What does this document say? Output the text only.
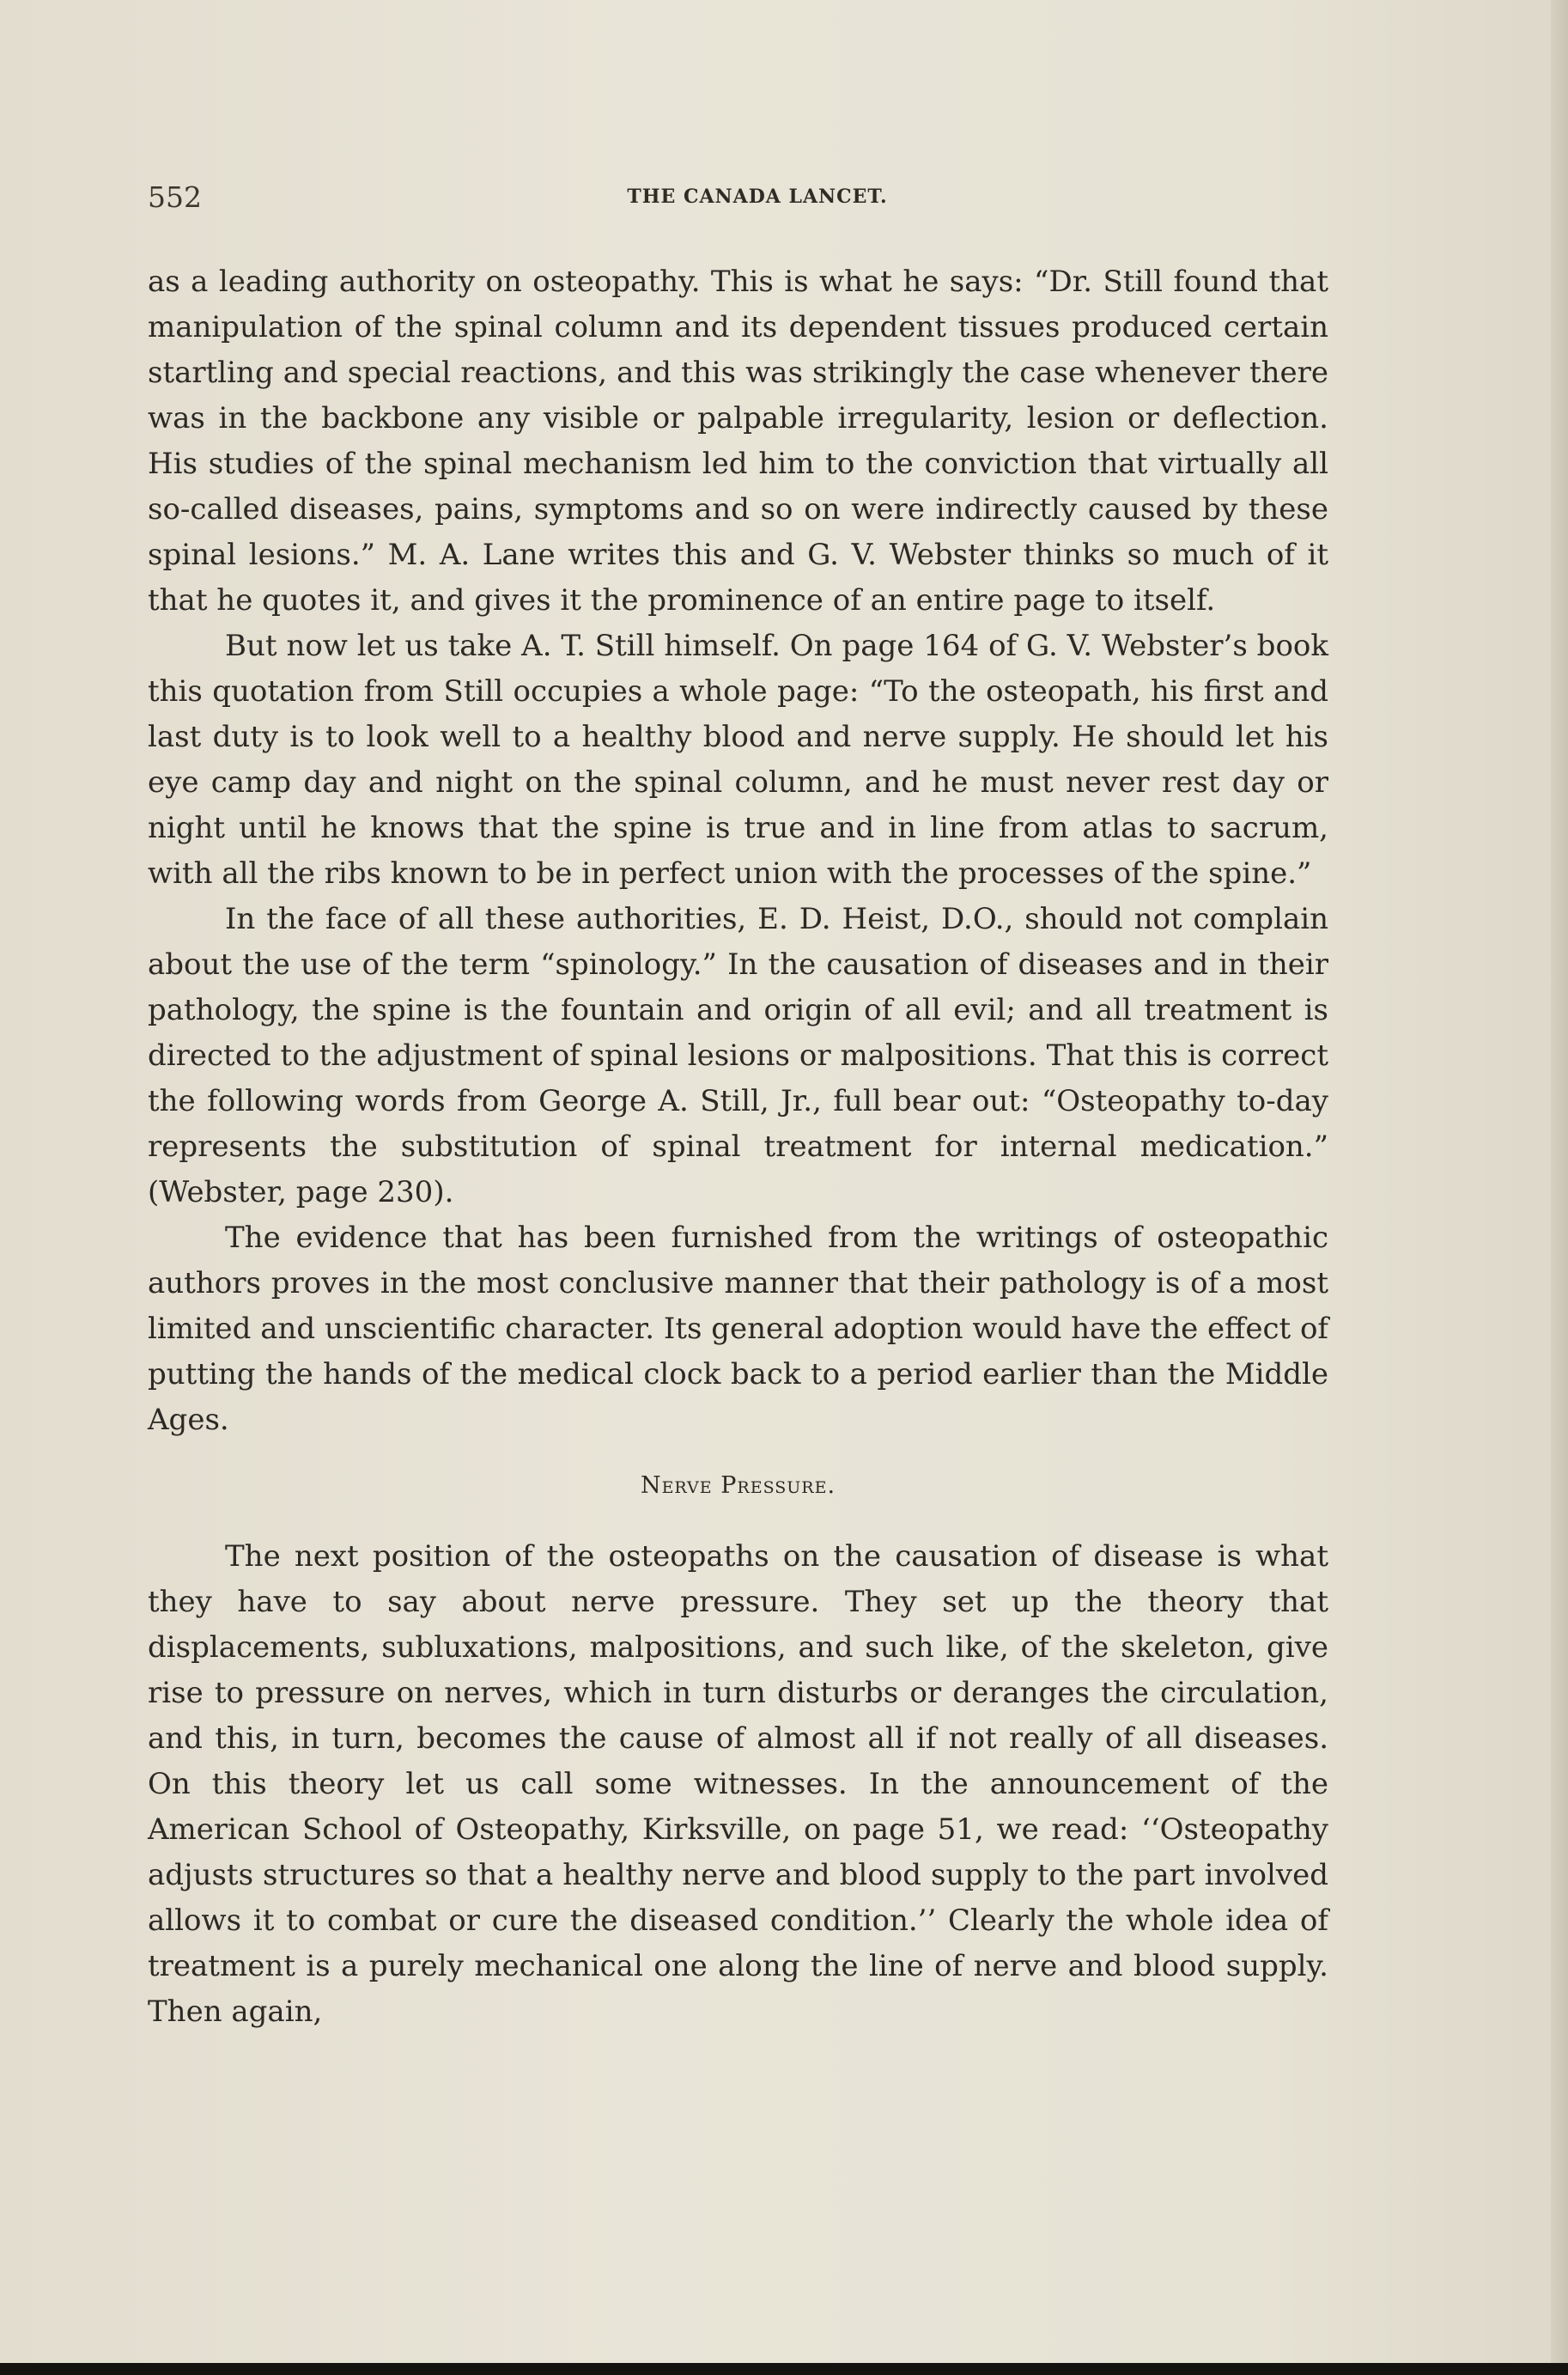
552	THE CANADA LANCET.

as a leading authority on osteopathy. This is what he says: “Dr. Still found that manipulation of the spinal column and its dependent tissues produced certain startling and special reactions, and this was strikingly the case whenever there was in the backbone any visible or palpable irregularity, lesion or deflection. His studies of the spinal mechanism led him to the conviction that virtually all so-called diseases, pains, symptoms and so on were indirectly caused by these spinal lesions.” M. A. Lane writes this and G. V. Webster thinks so much of it that he quotes it, and gives it the prominence of an entire page to itself.

But now let us take A. T. Still himself. On page 164 of G. V. Webster’s book this quotation from Still occupies a whole page: “To the osteopath, his first and last duty is to look well to a healthy blood and nerve supply. He should let his eye camp day and night on the spinal column, and he must never rest day or night until he knows that the spine is true and in line from atlas to sacrum, with all the ribs known to be in perfect union with the processes of the spine.”

In the face of all these authorities, E. D. Heist, D.O., should not complain about the use of the term “spinology.” In the causation of diseases and in their pathology, the spine is the fountain and origin of all evil; and all treatment is directed to the adjustment of spinal lesions or malpositions. That this is correct the following words from George A. Still, Jr., full bear out: “Osteopathy to-day represents the substitution of spinal treatment for internal medication.” (Webster, page 230).

The evidence that has been furnished from the writings of osteopathic authors proves in the most conclusive manner that their pathology is of a most limited and unscientific character. Its general adoption would have the effect of putting the hands of the medical clock back to a period earlier than the Middle Ages.

Nerve Pressure.

The next position of the osteopaths on the causation of disease is what they have to say about nerve pressure. They set up the theory that displacements, subluxations, malpositions, and such like, of the skeleton, give rise to pressure on nerves, which in turn disturbs or deranges the circulation, and this, in turn, becomes the cause of almost all if not really of all diseases. On this theory let us call some witnesses. In the announcement of the American School of Osteopathy, Kirksville, on page 51, we read: ‘‘Osteopathy adjusts structures so that a healthy nerve and blood supply to the part involved allows it to combat or cure the diseased condition.’’ Clearly the whole idea of treatment is a purely mechanical one along the line of nerve and blood supply. Then again,
